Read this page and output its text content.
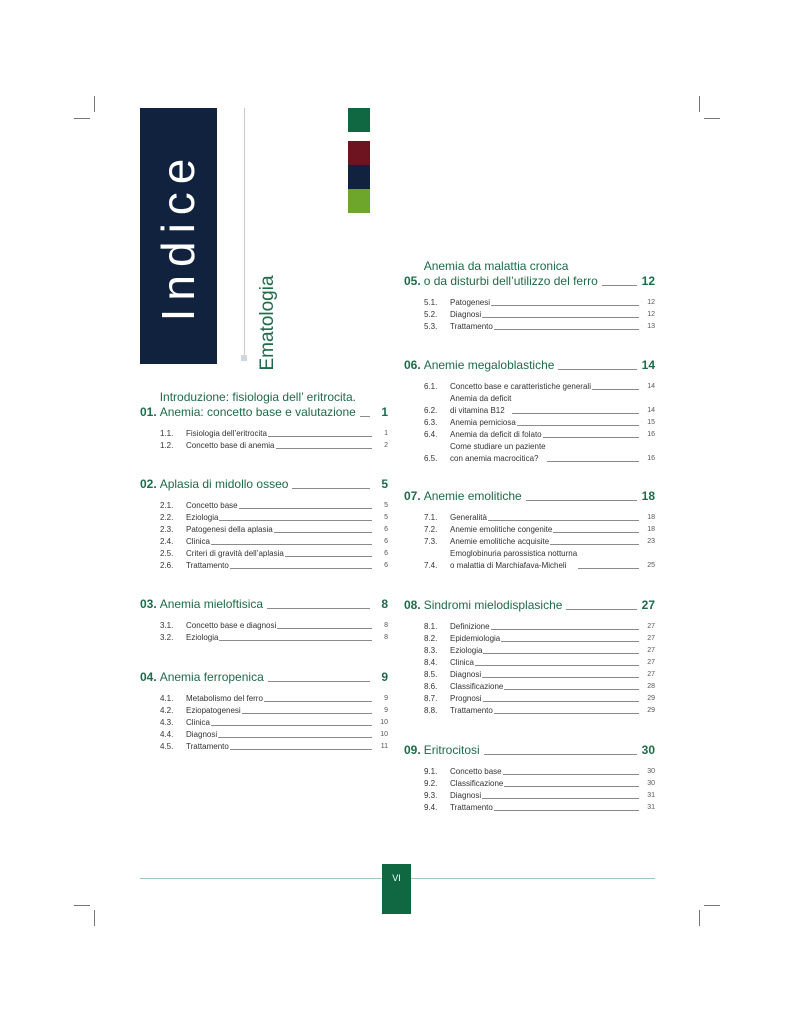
Indice
Ematologia
01.
Introduzione: fisiologia dell’ eritrocita.
Anemia: concetto base e valutazione	1
1.1.	Fisiologia dell’eritrocita	1
1.2.	Concetto base di anemia	2
02. Aplasia di midollo osseo	5
2.1.	Concetto base	5
2.2.	Eziologia	5
2.3.	Patogenesi della aplasia	6
2.4.	Clinica	6
2.5.	Criteri di gravità dell’aplasia	6
2.6.	Trattamento	6
03. Anemia mieloftisica	8
3.1.	Concetto base e diagnosi	8
3.2.	Eziologia	8
04. Anemia ferropenica	9
4.1.	Metabolismo del ferro	9
4.2.	Eziopatogenesi	9
4.3.	Clinica	10
4.4.	Diagnosi	10
4.5.	Trattamento	11
05.
Anemia da malattia cronica
o da disturbi dell’utilizzo del ferro	12
5.1.	Patogenesi	12
5.2.	Diagnosi	12
5.3.	Trattamento	13
06. Anemie megaloblastiche	14
6.1.	Concetto base e caratteristiche generali	14
6.2.
Anemia da deficit
di vitamina B12	14
6.3.	Anemia perniciosa	15
6.4.	Anemia da deficit di folato	16
6.5.
Come studiare un paziente
con anemia macrocitica?	16
07. Anemie emolitiche	18
7.1.	Generalità	18
7.2.	Anemie emolitiche congenite	18
7.3.	Anemie emolitiche acquisite	23
7.4.
Emoglobinuria parossistica notturna
o malattia di Marchiafava-Micheli	25
08. Sindromi mielodisplasiche	27
8.1.	Definizione	27
8.2.	Epidemiologia	27
8.3.	Eziologia	27
8.4.	Clinica	27
8.5.	Diagnosi	27
8.6.	Classificazione	28
8.7.	Prognosi	29
8.8.	Trattamento	29
09. Eritrocitosi	30
9.1.	Concetto base	30
9.2.	Classificazione	30
9.3.	Diagnosi	31
9.4.	Trattamento	31
VI
